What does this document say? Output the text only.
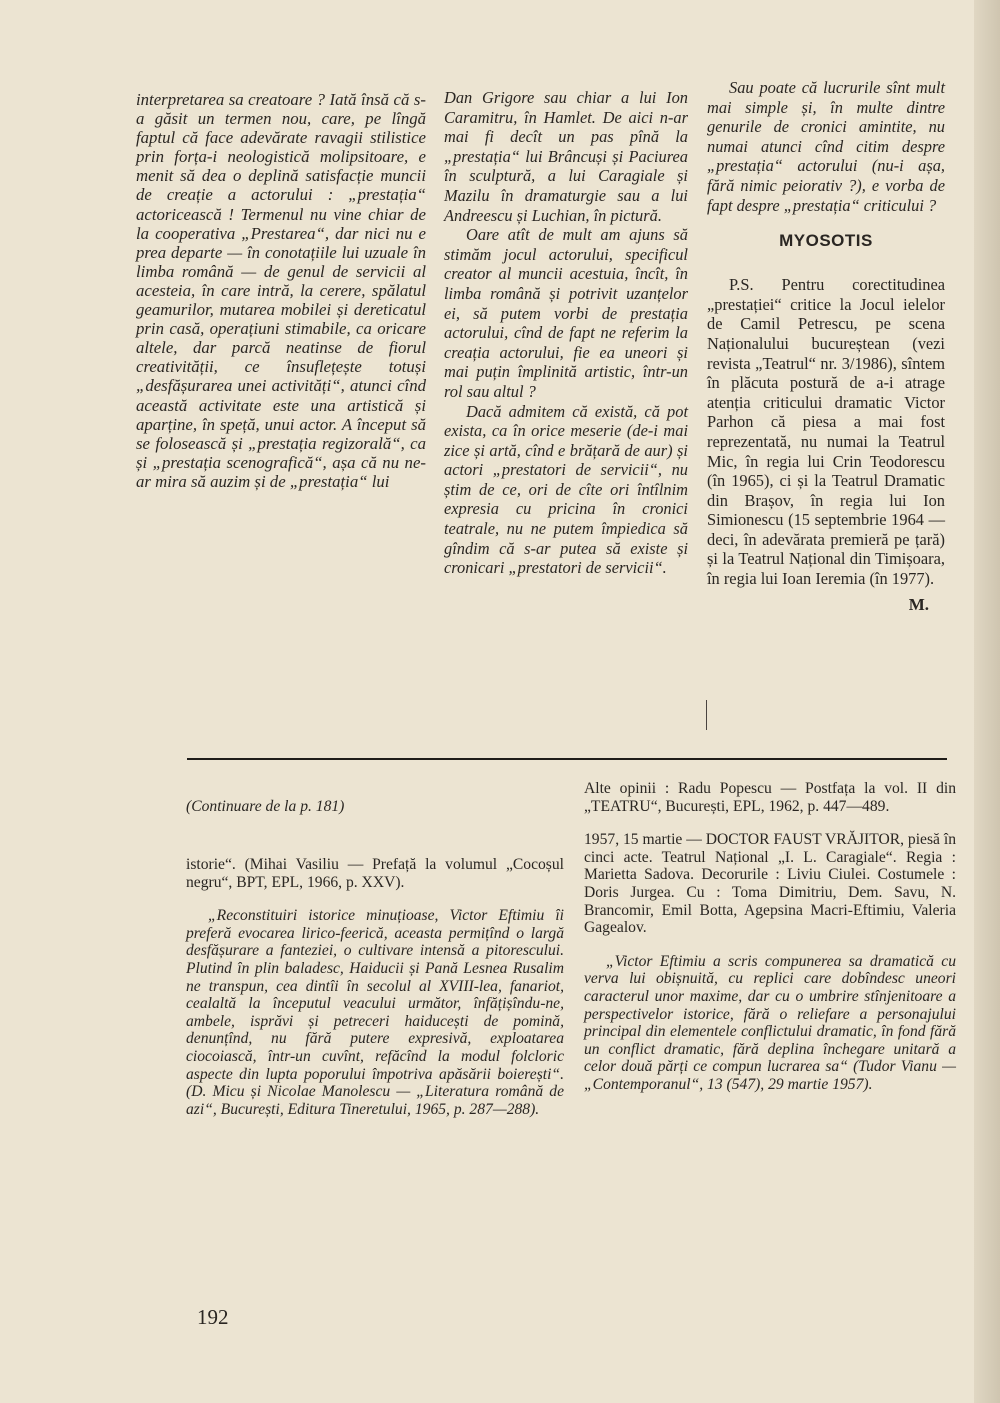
interpretarea sa creatoare ? Iată însă că s-a găsit un termen nou, care, pe lîngă faptul că face adevărate ravagii stilistice prin forța-i neologistică molipsitoare, e menit să dea o deplină satisfacție muncii de creație a actorului : „prestația“ actoricească ! Termenul nu vine chiar de la cooperativa „Prestarea“, dar nici nu e prea departe — în conotațiile lui uzuale în limba română — de genul de servicii al acesteia, în care intră, la cerere, spălatul geamurilor, mutarea mobilei și dereticatul prin casă, operațiuni stimabile, ca oricare altele, dar parcă neatinse de fiorul creativității, ce însuflețește totuși „desfășurarea unei activități“, atunci cînd această activitate este una artistică și aparține, în speță, unui actor. A început să se folosească și „prestația regizorală“, ca și „prestația scenografică“, așa că nu ne-ar mira să auzim și de „prestația“ lui

Dan Grigore sau chiar a lui Ion Caramitru, în Hamlet. De aici n-ar mai fi decît un pas pînă la „prestația“ lui Brâncuși și Paciurea în sculptură, a lui Caragiale și Mazilu în dramaturgie sau a lui Andreescu și Luchian, în pictură.

Oare atît de mult am ajuns să stimăm jocul actorului, specificul creator al muncii acestuia, încît, în limba română și potrivit uzanțelor ei, să putem vorbi de prestația actorului, cînd de fapt ne referim la creația actorului, fie ea uneori și mai puțin împlinită artistic, într-un rol sau altul ?

Dacă admitem că există, că pot exista, ca în orice meserie (de-i mai zice și artă, cînd e brățară de aur) și actori „prestatori de servicii“, nu știm de ce, ori de cîte ori întîlnim expresia cu pricina în cronici teatrale, nu ne putem împiedica să gîndim că s-ar putea să existe și cronicari „prestatori de servicii“.

Sau poate că lucrurile sînt mult mai simple și, în multe dintre genurile de cronici amintite, nu numai atunci cînd citim despre „prestația“ actorului (nu-i așa, fără nimic peiorativ ?), e vorba de fapt despre „prestația“ criticului ?

MYOSOTIS

P.S. Pentru corectitudinea „prestației“ critice la Jocul ielelor de Camil Petrescu, pe scena Naționalului bucureștean (vezi revista „Teatrul“ nr. 3/1986), sîntem în plăcuta postură de a-i atrage atenția criticului dramatic Victor Parhon că piesa a mai fost reprezentată, nu numai la Teatrul Mic, în regia lui Crin Teodorescu (în 1965), ci și la Teatrul Dramatic din Brașov, în regia lui Ion Simionescu (15 septembrie 1964 — deci, în adevărata premieră pe țară) și la Teatrul Național din Timișoara, în regia lui Ioan Ieremia (în 1977).

M.

(Continuare de la p. 181)

istorie“. (Mihai Vasiliu — Prefață la volumul „Cocoșul negru“, BPT, EPL, 1966, p. XXV).

„Reconstituiri istorice minuțioase, Victor Eftimiu îi preferă evocarea lirico-feerică, aceasta permițînd o largă desfășurare a fanteziei, o cultivare intensă a pitorescului. Plutind în plin baladesc, Haiducii și Pană Lesnea Rusalim ne transpun, cea dintîi în secolul al XVIII-lea, fanariot, cealaltă la începutul veacului următor, înfățișîndu-ne, ambele, isprăvi și petreceri haiducești de pomină, denunțînd, nu fără putere expresivă, exploatarea ciocoiască, într-un cuvînt, refăcînd la modul folcloric aspecte din lupta poporului împotriva apăsării boierești“. (D. Micu și Nicolae Manolescu — „Literatura română de azi“, București, Editura Tineretului, 1965, p. 287—288).

Alte opinii : Radu Popescu — Postfața la vol. II din „TEATRU“, București, EPL, 1962, p. 447—489.

1957, 15 martie — DOCTOR FAUST VRĂJITOR, piesă în cinci acte. Teatrul Național „I. L. Caragiale“. Regia : Marietta Sadova. Decorurile : Liviu Ciulei. Costumele : Doris Jurgea. Cu : Toma Dimitriu, Dem. Savu, N. Brancomir, Emil Botta, Agepsina Macri-Eftimiu, Valeria Gagealov.

„Victor Eftimiu a scris compunerea sa dramatică cu verva lui obișnuită, cu replici care dobîndesc uneori caracterul unor maxime, dar cu o umbrire stînjenitoare a perspectivelor istorice, fără o reliefare a personajului principal din elementele conflictului dramatic, în fond fără un conflict dramatic, fără deplina închegare unitară a celor două părți ce compun lucrarea sa“ (Tudor Vianu — „Contemporanul“, 13 (547), 29 martie 1957).

192
